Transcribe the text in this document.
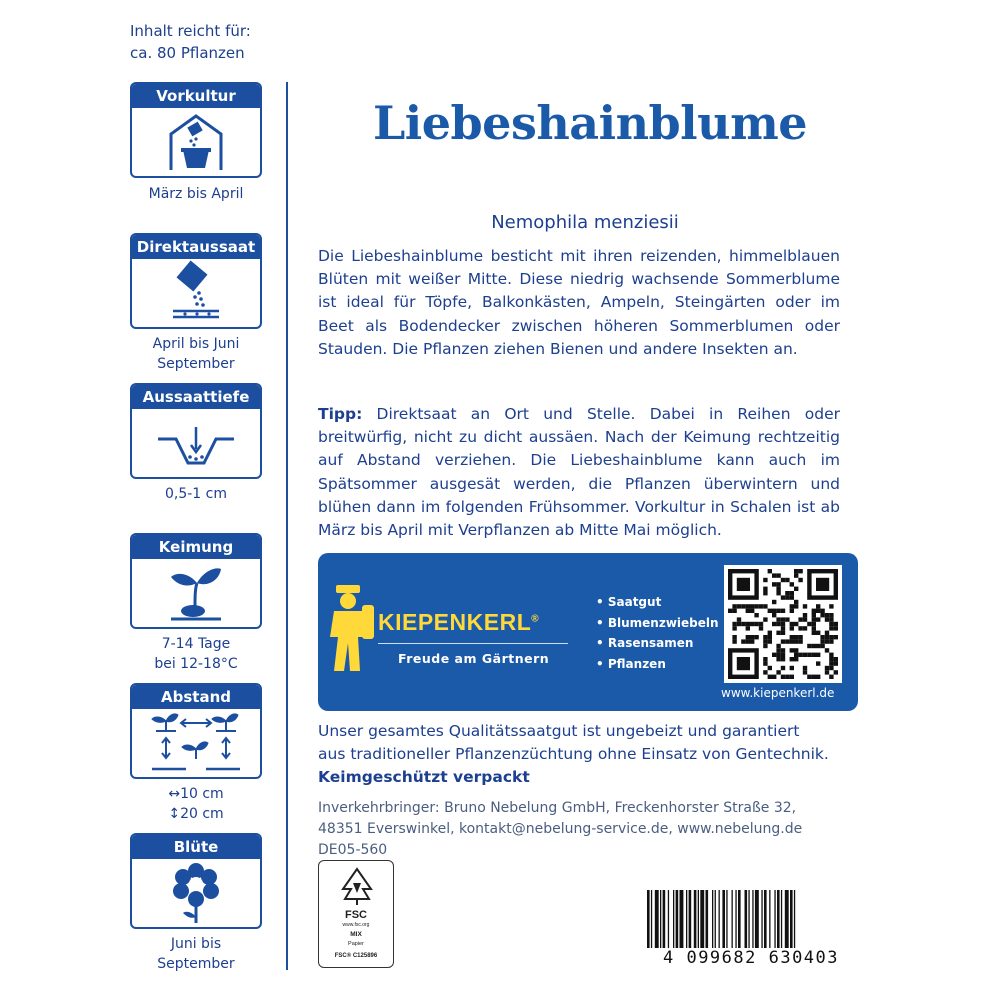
Inhalt reicht für:
ca. 80 Pflanzen
Vorkultur
März bis April
Direktaussaat
April bis Juni
September
Aussaattiefe
0,5-1 cm
Keimung
7-14 Tage
bei 12-18°C
Abstand
↔10 cm
↕20 cm
Blüte
Juni bis
September
Liebeshainblume
Nemophila menziesii
Die Liebeshainblume besticht mit ihren reizenden, himmelblauen Blüten mit weißer Mitte. Diese niedrig wachsende Sommerblume ist ideal für Töpfe, Balkonkästen, Ampeln, Steingärten oder im Beet als Bodendecker zwischen höheren Sommerblumen oder Stauden. Die Pflanzen ziehen Bienen und andere Insekten an.
Tipp: Direktsaat an Ort und Stelle. Dabei in Reihen oder breitwürfig, nicht zu dicht aussäen. Nach der Keimung rechtzeitig auf Abstand verziehen. Die Liebeshainblume kann auch im Spätsommer ausgesät werden, die Pflanzen überwintern und blühen dann im folgenden Frühsommer. Vorkultur in Schalen ist ab März bis April mit Verpflanzen ab Mitte Mai möglich.
KIEPENKERL®
Freude am Gärtnern
• Saatgut
• Blumenzwiebeln
• Rasensamen
• Pflanzen
www.kiepenkerl.de
Unser gesamtes Qualitätssaatgut ist ungebeizt und garantiert
aus traditioneller Pflanzenzüchtung ohne Einsatz von Gentechnik.
Keimgeschützt verpackt
Inverkehrbringer: Bruno Nebelung GmbH, Freckenhorster Straße 32,
48351 Everswinkel, kontakt@nebelung-service.de, www.nebelung.de
DE05-560
FSC
www.fsc.org
MIX
Papier
FSC® C125896	4 099682 630403
